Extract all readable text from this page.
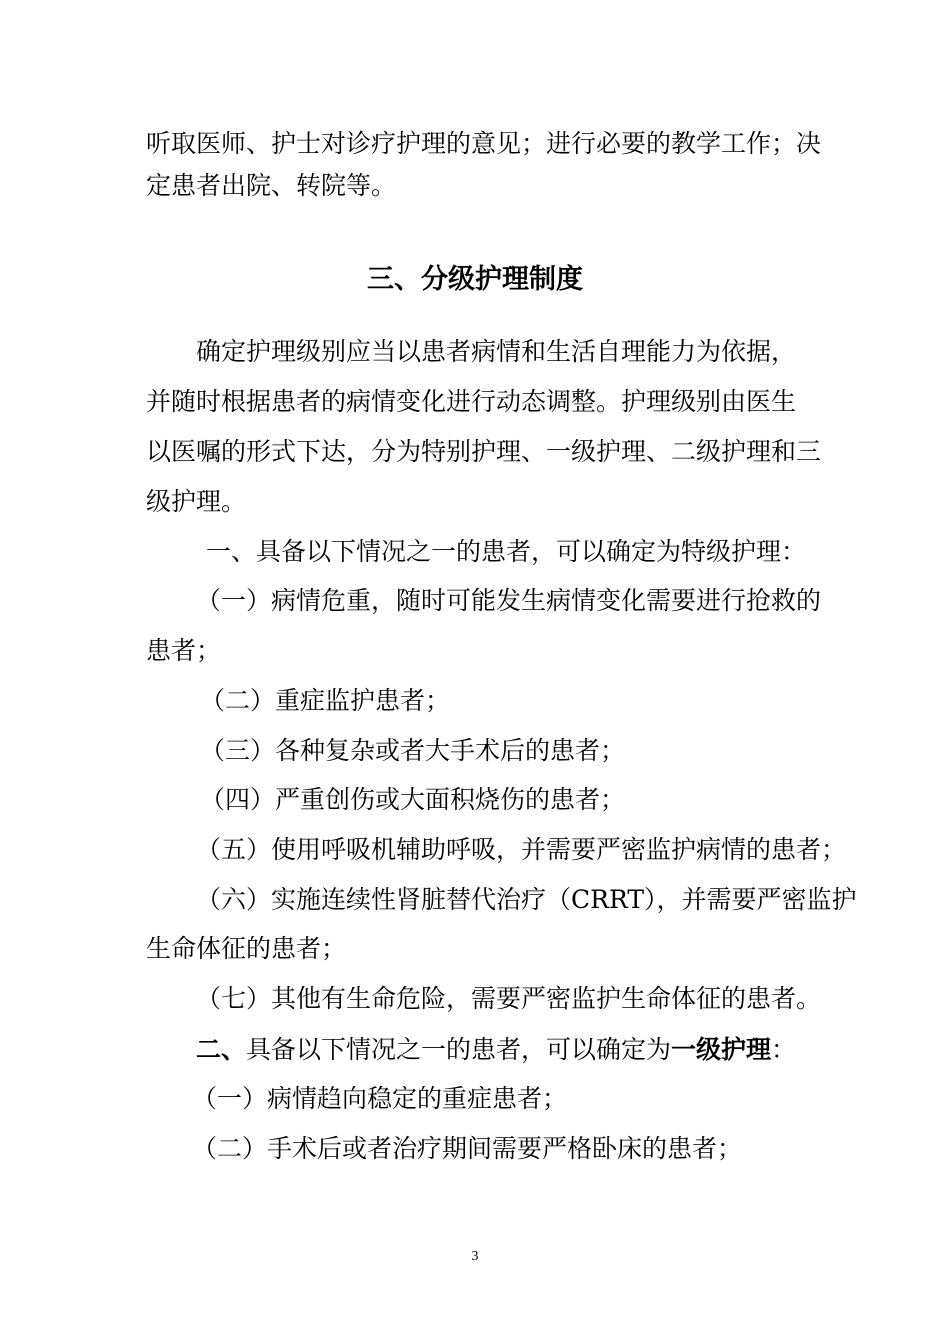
听取医师、护士对诊疗护理的意见；进行必要的教学工作；决
定患者出院、转院等。
三、分级护理制度
确定护理级别应当以患者病情和生活自理能力为依据，
并随时根据患者的病情变化进行动态调整。护理级别由医生
以医嘱的形式下达，分为特别护理、一级护理、二级护理和三
级护理。
一、具备以下情况之一的患者，可以确定为特级护理：
（一）病情危重，随时可能发生病情变化需要进行抢救的
患者；
（二）重症监护患者；
（三）各种复杂或者大手术后的患者；
（四）严重创伤或大面积烧伤的患者；
（五）使用呼吸机辅助呼吸，并需要严密监护病情的患者；
（六）实施连续性肾脏替代治疗（CRRT），并需要严密监护
生命体征的患者；
（七）其他有生命危险，需要严密监护生命体征的患者。
二、具备以下情况之一的患者，可以确定为一级护理：
（一）病情趋向稳定的重症患者；
（二）手术后或者治疗期间需要严格卧床的患者；
3
